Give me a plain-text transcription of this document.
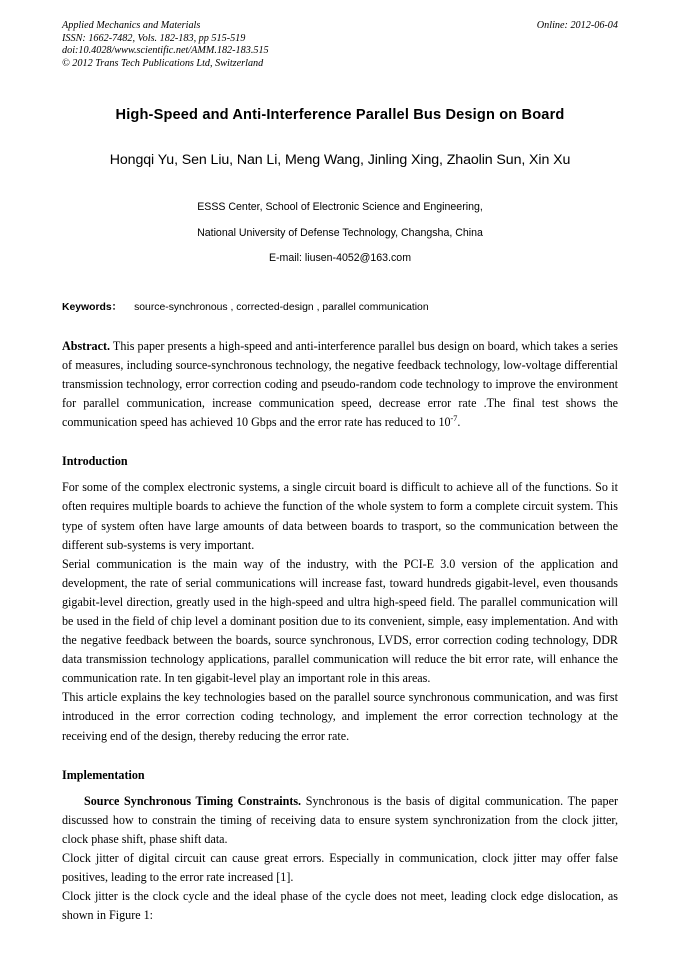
Online: 2012-06-04
Applied Mechanics and Materials
ISSN: 1662-7482, Vols. 182-183, pp 515-519
doi:10.4028/www.scientific.net/AMM.182-183.515
© 2012 Trans Tech Publications Ltd, Switzerland
High-Speed and Anti-Interference Parallel Bus Design on Board
Hongqi Yu, Sen Liu, Nan Li, Meng Wang, Jinling Xing, Zhaolin Sun, Xin Xu
ESSS Center, School of Electronic Science and Engineering,
National University of Defense Technology, Changsha, China
E-mail: liusen-4052@163.com
Keywords： source-synchronous , corrected-design , parallel communication
Abstract. This paper presents a high-speed and anti-interference parallel bus design on board, which takes a series of measures, including source-synchronous technology, the negative feedback technology, low-voltage differential transmission technology, error correction coding and pseudo-random code technology to improve the environment for parallel communication, increase communication speed, decrease error rate .The final test shows the communication speed has achieved 10 Gbps and the error rate has reduced to $10^{-7}$.
Introduction

For some of the complex electronic systems, a single circuit board is difficult to achieve all of the functions. So it often requires multiple boards to achieve the function of the whole system to form a complete circuit system. This type of system often have large amounts of data between boards to trasport, so the communication between the different sub-systems is very important.

Serial communication is the main way of the industry, with the PCI-E 3.0 version of the application and development, the rate of serial communications will increase fast, toward hundreds gigabit-level, even thousands gigabit-level direction, greatly used in the high-speed and ultra high-speed field. The parallel communication will be used in the field of chip level a dominant position due to its convenient, simple, easy implementation. And with the negative feedback between the boards, source synchronous, LVDS, error correction coding technology, DDR data transmission technology applications, parallel communication will reduce the bit error rate, will enhance the communication rate. In ten gigabit-level play an important role in this areas.

This article explains the key technologies based on the parallel source synchronous communication, and was first introduced in the error correction coding technology, and implement the error correction technology at the receiving end of the design, thereby reducing the error rate.

Implementation

Source Synchronous Timing Constraints. Synchronous is the basis of digital communication. The paper discussed how to constrain the timing of receiving data to ensure system synchronization from the clock jitter, clock phase shift, phase shift data.

Clock jitter of digital circuit can cause great errors. Especially in communication, clock jitter may offer false positives, leading to the error rate increased [1].

Clock jitter is the clock cycle and the ideal phase of the cycle does not meet, leading clock edge dislocation, as shown in Figure 1:
